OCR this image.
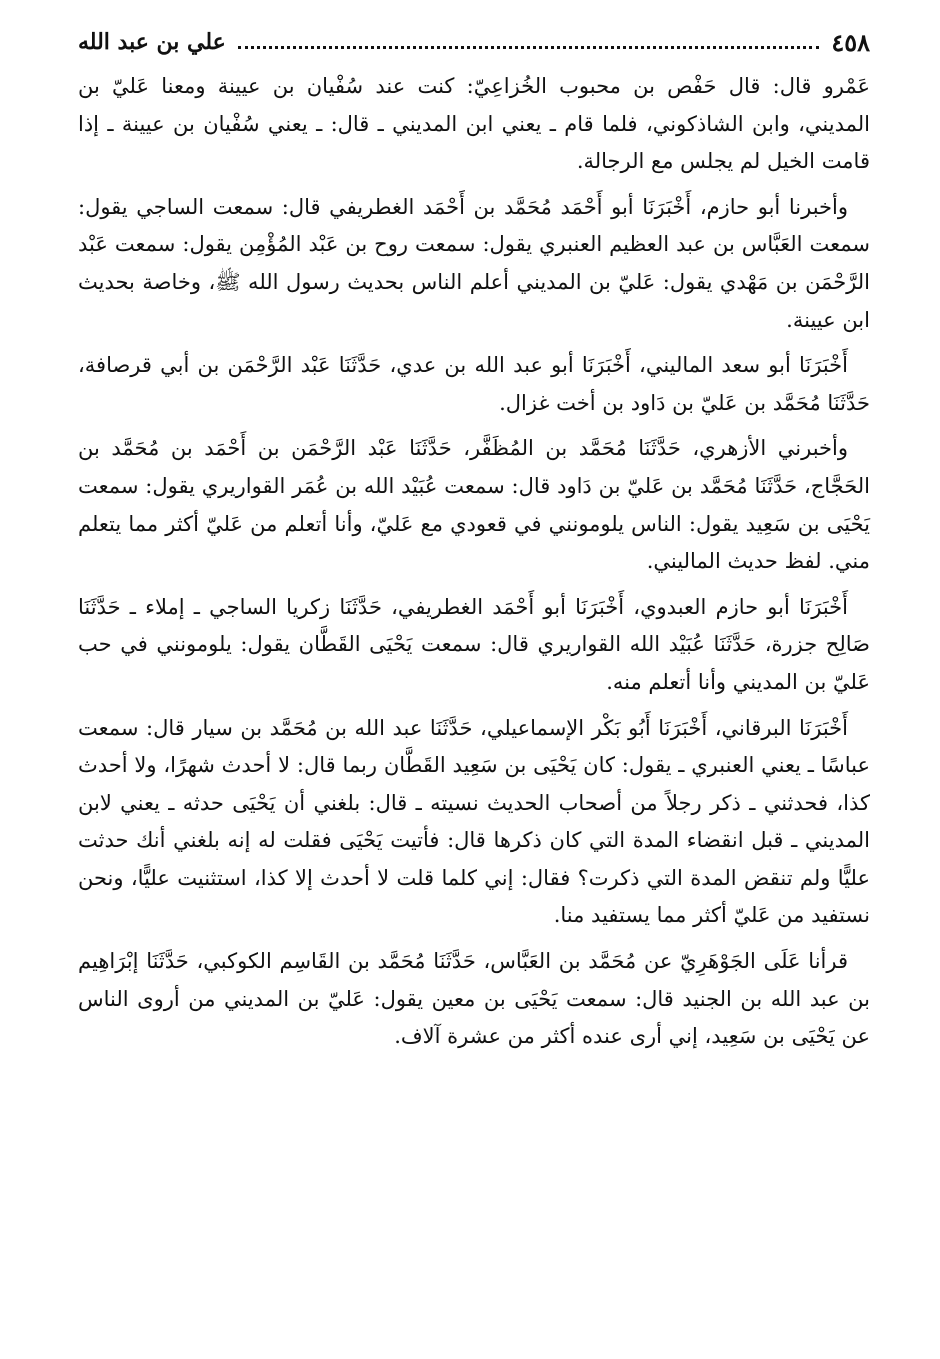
٤٥٨
علي بن عبد الله

عَمْرو قال: قال حَفْص بن محبوب الخُزاعِيّ: كنت عند سُفْيان بن عيينة ومعنا عَليّ بن المديني، وابن الشاذكوني، فلما قام ـ يعني ابن المديني ـ قال: ـ يعني سُفْيان بن عيينة ـ إذا قامت الخيل لم يجلس مع الرجالة.

وأخبرنا أبو حازم، أَخْبَرَنَا أبو أَحْمَد مُحَمَّد بن أَحْمَد الغطريفي قال: سمعت الساجي يقول: سمعت العَبَّاس بن عبد العظيم العنبري يقول: سمعت روح بن عَبْد المُؤْمِن يقول: سمعت عَبْد الرَّحْمَن بن مَهْدي يقول: عَليّ بن المديني أعلم الناس بحديث رسول الله ﷺ، وخاصة بحديث ابن عيينة.

أَخْبَرَنَا أبو سعد الماليني، أَخْبَرَنَا أبو عبد الله بن عدي، حَدَّثَنَا عَبْد الرَّحْمَن بن أبي قرصافة، حَدَّثَنَا مُحَمَّد بن عَليّ بن دَاود بن أخت غزال.

وأخبرني الأزهري، حَدَّثَنَا مُحَمَّد بن المُظَفَّر، حَدَّثَنَا عَبْد الرَّحْمَن بن أَحْمَد بن مُحَمَّد بن الحَجَّاج، حَدَّثَنَا مُحَمَّد بن عَليّ بن دَاود قال: سمعت عُبَيْد الله بن عُمَر القواريري يقول: سمعت يَحْيَى بن سَعِيد يقول: الناس يلومونني في قعودي مع عَليّ، وأنا أتعلم من عَليّ أكثر مما يتعلم مني. لفظ حديث الماليني.

أَخْبَرَنَا أبو حازم العبدوي، أَخْبَرَنَا أبو أَحْمَد الغطريفي، حَدَّثَنَا زكريا الساجي ـ إملاء ـ حَدَّثَنَا صَالِح جزرة، حَدَّثَنَا عُبَيْد الله القواريري قال: سمعت يَحْيَى القَطَّان يقول: يلومونني في حب عَليّ بن المديني وأنا أتعلم منه.

أَخْبَرَنَا البرقاني، أَخْبَرَنَا أَبُو بَكْر الإسماعيلي، حَدَّثَنَا عبد الله بن مُحَمَّد بن سيار قال: سمعت عباسًا ـ يعني العنبري ـ يقول: كان يَحْيَى بن سَعِيد القَطَّان ربما قال: لا أحدث شهرًا، ولا أحدث كذا، فحدثني ـ ذكر رجلاً من أصحاب الحديث نسيته ـ قال: بلغني أن يَحْيَى حدثه ـ يعني لابن المديني ـ قبل انقضاء المدة التي كان ذكرها قال: فأتيت يَحْيَى فقلت له إنه بلغني أنك حدثت عليًّا ولم تنقض المدة التي ذكرت؟ فقال: إني كلما قلت لا أحدث إلا كذا، استثنيت عليًّا، ونحن نستفيد من عَليّ أكثر مما يستفيد منا.

قرأنا عَلَى الجَوْهَرِيّ عن مُحَمَّد بن العَبَّاس، حَدَّثَنَا مُحَمَّد بن القَاسِم الكوكبي، حَدَّثَنَا إبْرَاهِيم بن عبد الله بن الجنيد قال: سمعت يَحْيَى بن معين يقول: عَليّ بن المديني من أروى الناس عن يَحْيَى بن سَعِيد، إني أرى عنده أكثر من عشرة آلاف.
